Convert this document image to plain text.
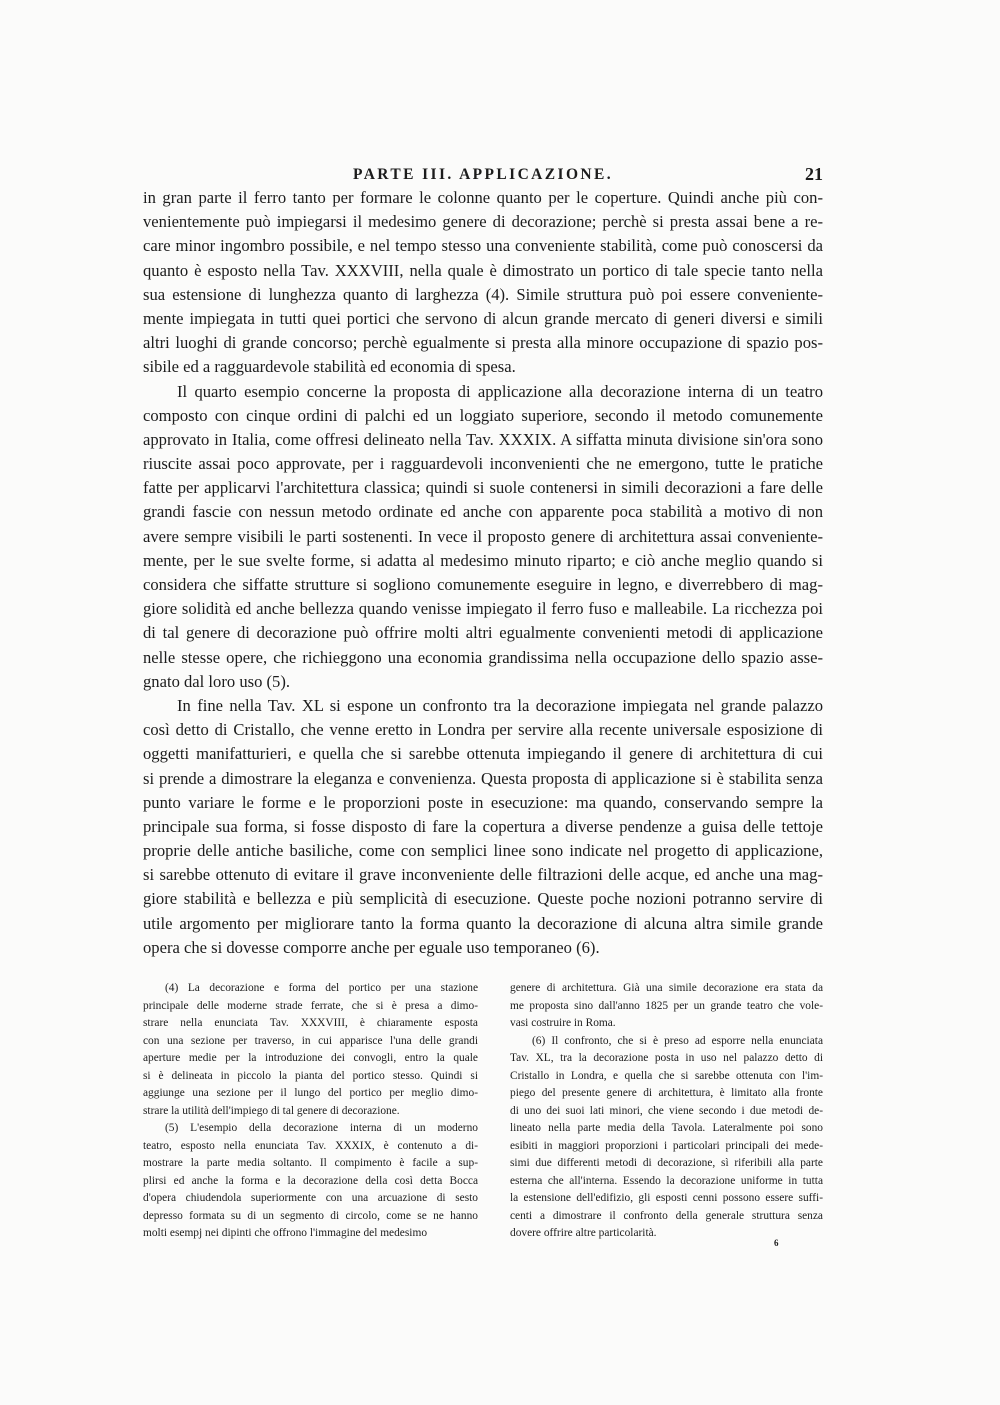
PARTE III. APPLICAZIONE.	21
in gran parte il ferro tanto per formare le colonne quanto per le coperture. Quindi anche più con-
venientemente può impiegarsi il medesimo genere di decorazione; perchè si presta assai bene a re-
care minor ingombro possibile, e nel tempo stesso una conveniente stabilità, come può conoscersi da
quanto è esposto nella Tav. XXXVIII, nella quale è dimostrato un portico di tale specie tanto nella
sua estensione di lunghezza quanto di larghezza (4). Simile struttura può poi essere conveniente-
mente impiegata in tutti quei portici che servono di alcun grande mercato di generi diversi e simili
altri luoghi di grande concorso; perchè egualmente si presta alla minore occupazione di spazio pos-
sibile ed a ragguardevole stabilità ed economia di spesa.
Il quarto esempio concerne la proposta di applicazione alla decorazione interna di un teatro
composto con cinque ordini di palchi ed un loggiato superiore, secondo il metodo comunemente
approvato in Italia, come offresi delineato nella Tav. XXXIX. A siffatta minuta divisione sin'ora sono
riuscite assai poco approvate, per i ragguardevoli inconvenienti che ne emergono, tutte le pratiche
fatte per applicarvi l'architettura classica; quindi si suole contenersi in simili decorazioni a fare delle
grandi fascie con nessun metodo ordinate ed anche con apparente poca stabilità a motivo di non
avere sempre visibili le parti sostenenti. In vece il proposto genere di architettura assai conveniente-
mente, per le sue svelte forme, si adatta al medesimo minuto riparto; e ciò anche meglio quando si
considera che siffatte strutture si sogliono comunemente eseguire in legno, e diverrebbero di mag-
giore solidità ed anche bellezza quando venisse impiegato il ferro fuso e malleabile. La ricchezza poi
di tal genere di decorazione può offrire molti altri egualmente convenienti metodi di applicazione
nelle stesse opere, che richieggono una economia grandissima nella occupazione dello spazio asse-
gnato dal loro uso (5).
In fine nella Tav. XL si espone un confronto tra la decorazione impiegata nel grande palazzo
così detto di Cristallo, che venne eretto in Londra per servire alla recente universale esposizione di
oggetti manifatturieri, e quella che si sarebbe ottenuta impiegando il genere di architettura di cui
si prende a dimostrare la eleganza e convenienza. Questa proposta di applicazione si è stabilita senza
punto variare le forme e le proporzioni poste in esecuzione: ma quando, conservando sempre la
principale sua forma, si fosse disposto di fare la copertura a diverse pendenze a guisa delle tettoje
proprie delle antiche basiliche, come con semplici linee sono indicate nel progetto di applicazione,
si sarebbe ottenuto di evitare il grave inconveniente delle filtrazioni delle acque, ed anche una mag-
giore stabilità e bellezza e più semplicità di esecuzione. Queste poche nozioni potranno servire di
utile argomento per migliorare tanto la forma quanto la decorazione di alcuna altra simile grande
opera che si dovesse comporre anche per eguale uso temporaneo (6).
(4) La decorazione e forma del portico per una stazione
principale delle moderne strade ferrate, che si è presa a dimo-
strare nella enunciata Tav. XXXVIII, è chiaramente esposta
con una sezione per traverso, in cui apparisce l'una delle grandi
aperture medie per la introduzione dei convogli, entro la quale
si è delineata in piccolo la pianta del portico stesso. Quindi si
aggiunge una sezione per il lungo del portico per meglio dimo-
strare la utilità dell'impiego di tal genere di decorazione.
(5) L'esempio della decorazione interna di un moderno
teatro, esposto nella enunciata Tav. XXXIX, è contenuto a di-
mostrare la parte media soltanto. Il compimento è facile a sup-
plirsi ed anche la forma e la decorazione della così detta Bocca
d'opera chiudendola superiormente con una arcuazione di sesto
depresso formata su di un segmento di circolo, come se ne hanno
molti esempj nei dipinti che offrono l'immagine del medesimo
genere di architettura. Già una simile decorazione era stata da
me proposta sino dall'anno 1825 per un grande teatro che vole-
vasi costruire in Roma.
(6) Il confronto, che si è preso ad esporre nella enunciata
Tav. XL, tra la decorazione posta in uso nel palazzo detto di
Cristallo in Londra, e quella che si sarebbe ottenuta con l'im-
piego del presente genere di architettura, è limitato alla fronte
di uno dei suoi lati minori, che viene secondo i due metodi de-
lineato nella parte media della Tavola. Lateralmente poi sono
esibiti in maggiori proporzioni i particolari principali dei mede-
simi due differenti metodi di decorazione, sì riferibili alla parte
esterna che all'interna. Essendo la decorazione uniforme in tutta
la estensione dell'edifizio, gli esposti cenni possono essere suffi-
centi a dimostrare il confronto della generale struttura senza
dovere offrire altre particolarità.
6
